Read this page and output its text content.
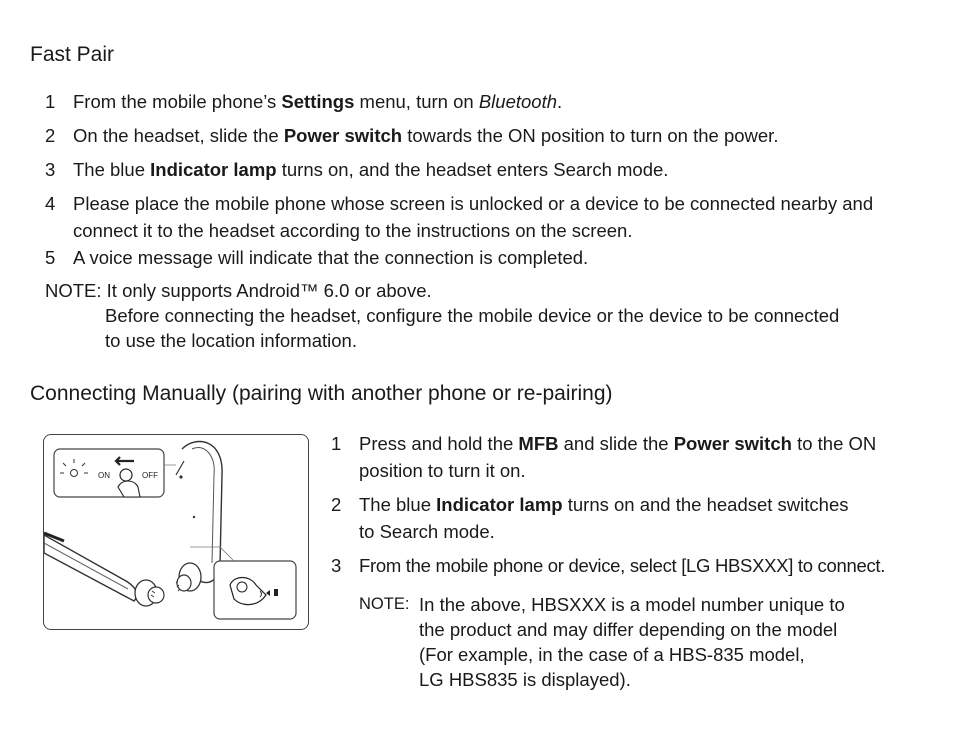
Fast Pair
1 From the mobile phone’s Settings menu, turn on Bluetooth.
2 On the headset, slide the Power switch towards the ON position to turn on the power.
3 The blue Indicator lamp turns on, and the headset enters Search mode.
4 Please place the mobile phone whose screen is unlocked or a device to be connected nearby and
connect it to the headset according to the instructions on the screen.
5 A voice message will indicate that the connection is completed.
NOTE: It only supports Android™ 6.0 or above.
Before connecting the headset, configure the mobile device or the device to be connected
to use the location information.
Connecting Manually (pairing with another phone or re-pairing)
ON	OFF
1 Press and hold the MFB and slide the Power switch to the ON
position to turn it on.
2 The blue Indicator lamp turns on and the headset switches
to Search mode.
3 From the mobile phone or device, select [LG HBSXXX] to connect.
NOTE: In the above, HBSXXX is a model number unique to
the product and may differ depending on the model
(For example, in the case of a HBS-835 model,
LG HBS835 is displayed).
